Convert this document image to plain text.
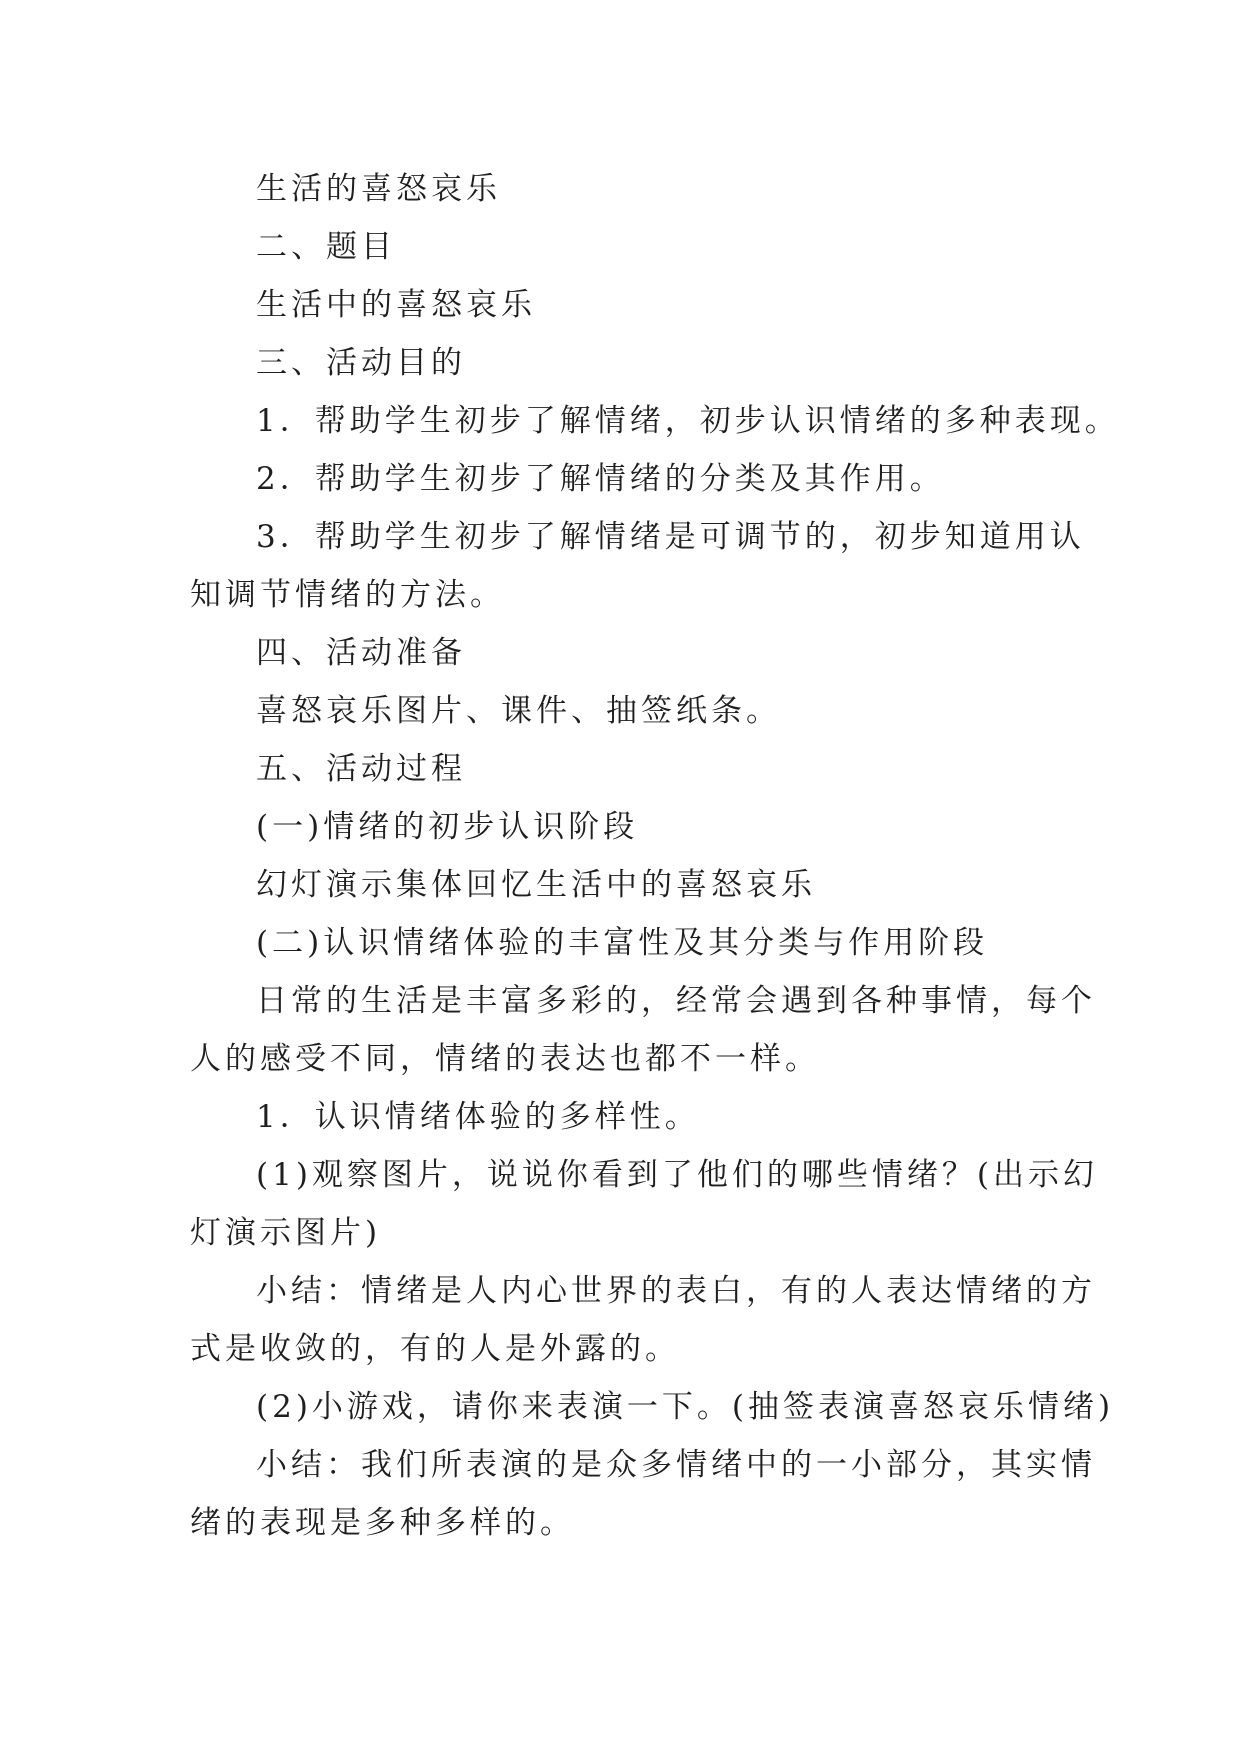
生活的喜怒哀乐

二、题目

生活中的喜怒哀乐

三、活动目的

1．帮助学生初步了解情绪，初步认识情绪的多种表现。

2．帮助学生初步了解情绪的分类及其作用。

3．帮助学生初步了解情绪是可调节的，初步知道用认

知调节情绪的方法。

四、活动准备

喜怒哀乐图片、课件、抽签纸条。

五、活动过程

(一)情绪的初步认识阶段

幻灯演示集体回忆生活中的喜怒哀乐

(二)认识情绪体验的丰富性及其分类与作用阶段

日常的生活是丰富多彩的，经常会遇到各种事情，每个

人的感受不同，情绪的表达也都不一样。

1．认识情绪体验的多样性。

(1)观察图片，说说你看到了他们的哪些情绪？(出示幻

灯演示图片)

小结：情绪是人内心世界的表白，有的人表达情绪的方

式是收敛的，有的人是外露的。

(2)小游戏，请你来表演一下。(抽签表演喜怒哀乐情绪)

小结：我们所表演的是众多情绪中的一小部分，其实情

绪的表现是多种多样的。
